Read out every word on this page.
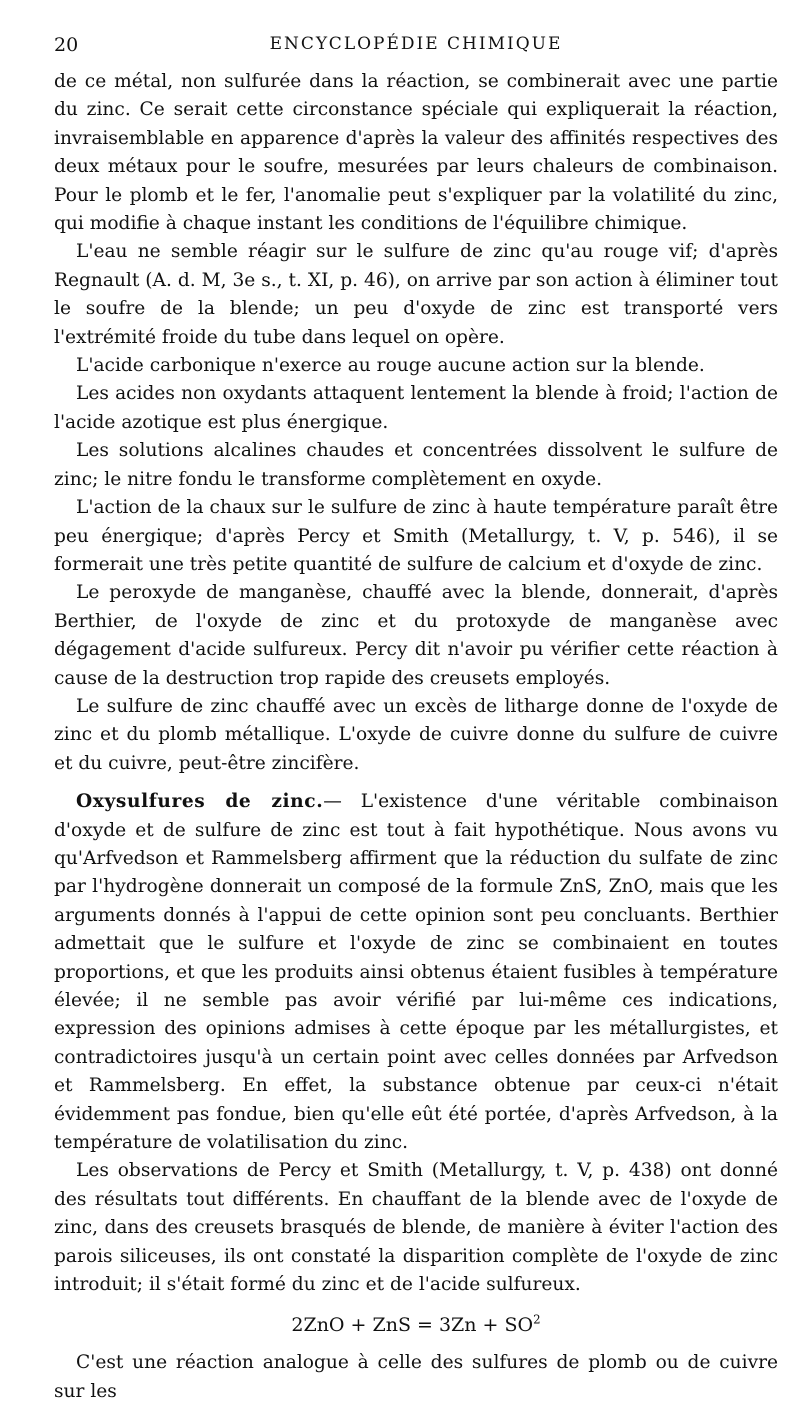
20	ENCYCLOPÉDIE CHIMIQUE

de ce métal, non sulfurée dans la réaction, se combinerait avec une partie du zinc. Ce serait cette circonstance spéciale qui expliquerait la réaction, invraisemblable en apparence d'après la valeur des affinités respectives des deux métaux pour le soufre, mesurées par leurs chaleurs de combinaison. Pour le plomb et le fer, l'anomalie peut s'expliquer par la volatilité du zinc, qui modifie à chaque instant les conditions de l'équilibre chimique.

L'eau ne semble réagir sur le sulfure de zinc qu'au rouge vif; d'après Regnault (A. d. M, 3e s., t. XI, p. 46), on arrive par son action à éliminer tout le soufre de la blende; un peu d'oxyde de zinc est transporté vers l'extrémité froide du tube dans lequel on opère.

L'acide carbonique n'exerce au rouge aucune action sur la blende.

Les acides non oxydants attaquent lentement la blende à froid; l'action de l'acide azotique est plus énergique.

Les solutions alcalines chaudes et concentrées dissolvent le sulfure de zinc; le nitre fondu le transforme complètement en oxyde.

L'action de la chaux sur le sulfure de zinc à haute température paraît être peu énergique; d'après Percy et Smith (Metallurgy, t. V, p. 546), il se formerait une très petite quantité de sulfure de calcium et d'oxyde de zinc.

Le peroxyde de manganèse, chauffé avec la blende, donnerait, d'après Berthier, de l'oxyde de zinc et du protoxyde de manganèse avec dégagement d'acide sulfureux. Percy dit n'avoir pu vérifier cette réaction à cause de la destruction trop rapide des creusets employés.

Le sulfure de zinc chauffé avec un excès de litharge donne de l'oxyde de zinc et du plomb métallique. L'oxyde de cuivre donne du sulfure de cuivre et du cuivre, peut-être zincifère.

Oxysulfures de zinc.— L'existence d'une véritable combinaison d'oxyde et de sulfure de zinc est tout à fait hypothétique. Nous avons vu qu'Arfvedson et Rammelsberg affirment que la réduction du sulfate de zinc par l'hydrogène donnerait un composé de la formule ZnS, ZnO, mais que les arguments donnés à l'appui de cette opinion sont peu concluants. Berthier admettait que le sulfure et l'oxyde de zinc se combinaient en toutes proportions, et que les produits ainsi obtenus étaient fusibles à température élevée; il ne semble pas avoir vérifié par lui-même ces indications, expression des opinions admises à cette époque par les métallurgistes, et contradictoires jusqu'à un certain point avec celles données par Arfvedson et Rammelsberg. En effet, la substance obtenue par ceux-ci n'était évidemment pas fondue, bien qu'elle eût été portée, d'après Arfvedson, à la température de volatilisation du zinc.

Les observations de Percy et Smith (Metallurgy, t. V, p. 438) ont donné des résultats tout différents. En chauffant de la blende avec de l'oxyde de zinc, dans des creusets brasqués de blende, de manière à éviter l'action des parois siliceuses, ils ont constaté la disparition complète de l'oxyde de zinc introduit; il s'était formé du zinc et de l'acide sulfureux.

2ZnO + ZnS = $3Zn + SO^2$

C'est une réaction analogue à celle des sulfures de plomb ou de cuivre sur les
